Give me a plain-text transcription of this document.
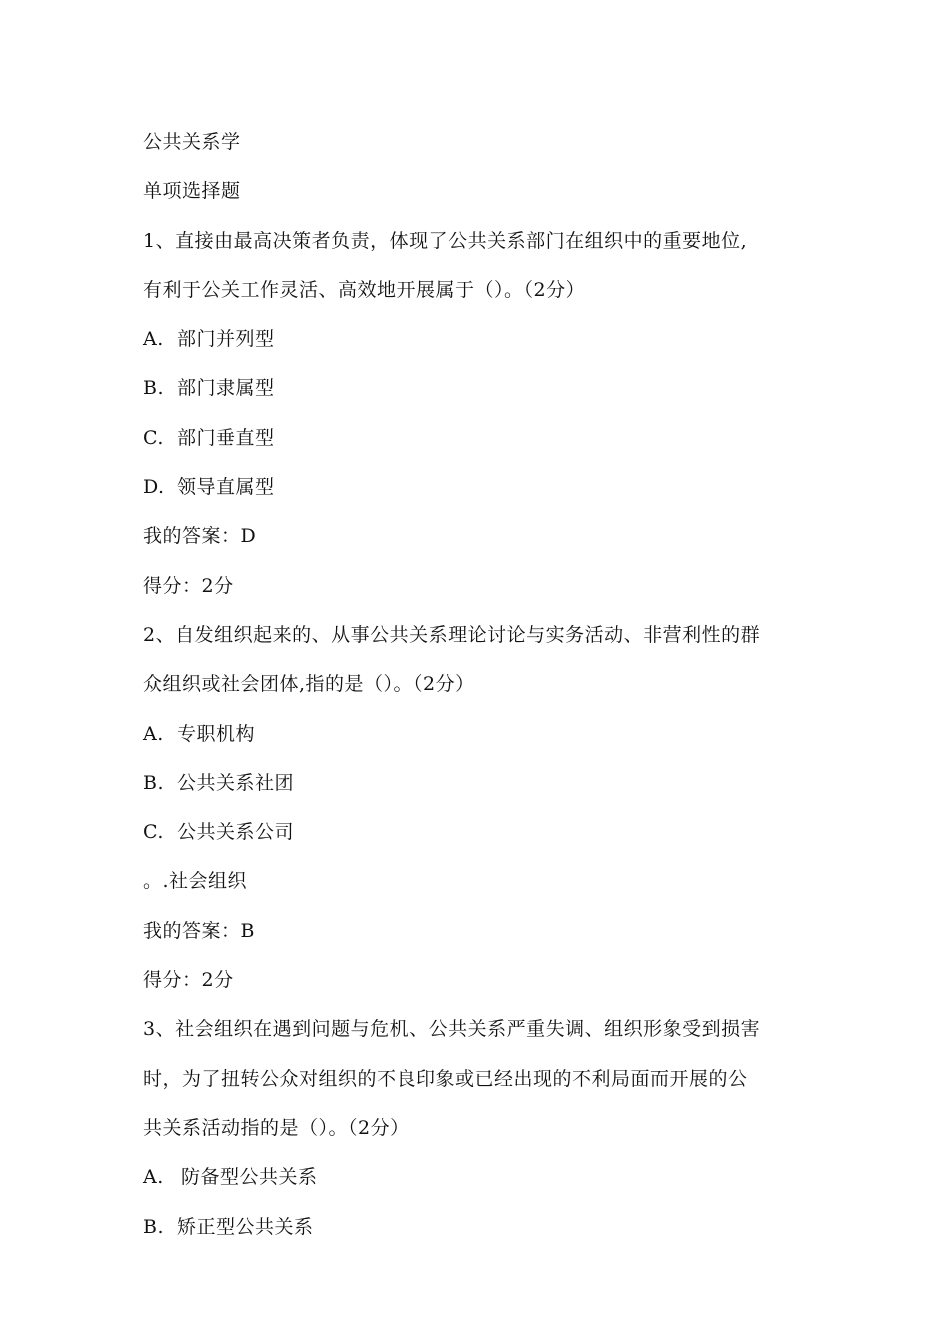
公共关系学
单项选择题
1、直接由最高决策者负责，体现了公共关系部门在组织中的重要地位,
有利于公关工作灵活、高效地开展属于（）。（2分）
A. 部门并列型
B. 部门隶属型
C. 部门垂直型
D. 领导直属型
我的答案：D
得分：2分
2、自发组织起来的、从事公共关系理论讨论与实务活动、非营利性的群
众组织或社会团体,指的是（）。（2分）
A. 专职机构
B. 公共关系社团
C. 公共关系公司
。.社会组织
我的答案：B
得分：2分
3、社会组织在遇到问题与危机、公共关系严重失调、组织形象受到损害
时，为了扭转公众对组织的不良印象或已经出现的不利局面而开展的公
共关系活动指的是（）。（2分）
A. 防备型公共关系
B. 矫正型公共关系
